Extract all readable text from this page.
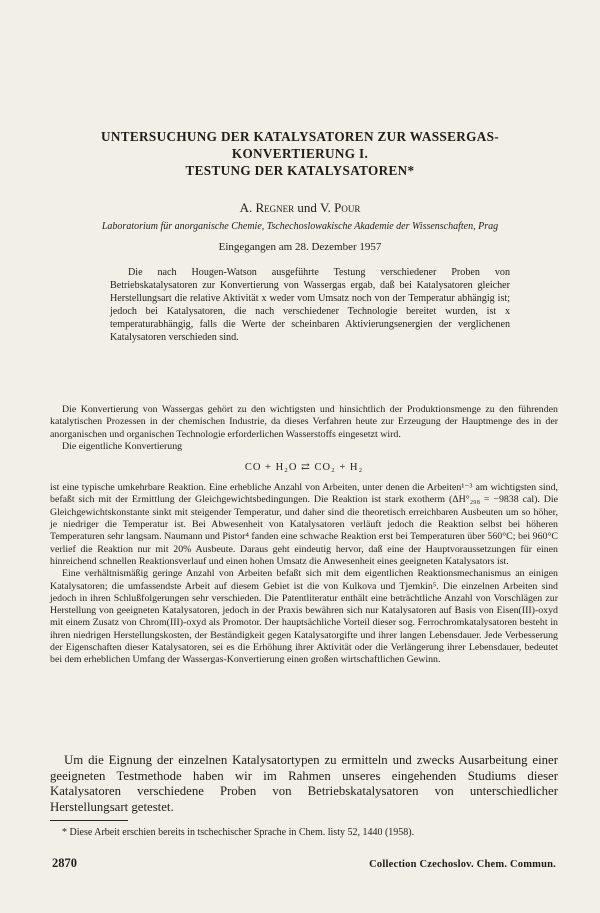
UNTERSUCHUNG DER KATALYSATOREN ZUR WASSERGAS-
KONVERTIERUNG I.
TESTUNG DER KATALYSATOREN*
A. Regner und V. Pour
Laboratorium für anorganische Chemie, Tschechoslowakische Akademie der Wissenschaften, Prag
Eingegangen am 28. Dezember 1957
Die nach Hougen-Watson ausgeführte Testung verschiedener Proben von Betriebskatalysatoren zur Konvertierung von Wassergas ergab, daß bei Katalysatoren gleicher Herstellungsart die relative Aktivität x weder vom Umsatz noch von der Temperatur abhängig ist; jedoch bei Katalysatoren, die nach verschiedener Technologie bereitet wurden, ist x temperaturabhängig, falls die Werte der scheinbaren Aktivierungsenergien der verglichenen Katalysatoren verschieden sind.

Die Konvertierung von Wassergas gehört zu den wichtigsten und hinsichtlich der Produktionsmenge zu den führenden katalytischen Prozessen in der chemischen Industrie, da dieses Verfahren heute zur Erzeugung der Hauptmenge des in der anorganischen und organischen Technologie erforderlichen Wasserstoffs eingesetzt wird.

Die eigentliche Konvertierung

CO + H₂O ⇄ CO₂ + H₂

ist eine typische umkehrbare Reaktion. Eine erhebliche Anzahl von Arbeiten, unter denen die Arbeiten¹⁻³ am wichtigsten sind, befaßt sich mit der Ermittlung der Gleichgewichtsbedingungen. Die Reaktion ist stark exotherm (ΔH°₂₉₈ = −9838 cal). Die Gleichgewichtskonstante sinkt mit steigender Temperatur, und daher sind die theoretisch erreichbaren Ausbeuten um so höher, je niedriger die Temperatur ist. Bei Abwesenheit von Katalysatoren verläuft jedoch die Reaktion selbst bei höheren Temperaturen sehr langsam. Naumann und Pistor⁴ fanden eine schwache Reaktion erst bei Temperaturen über 560°C; bei 960°C verlief die Reaktion nur mit 20% Ausbeute. Daraus geht eindeutig hervor, daß eine der Hauptvoraussetzungen für einen hinreichend schnellen Reaktionsverlauf und einen hohen Umsatz die Anwesenheit eines geeigneten Katalysators ist.

Eine verhältnismäßig geringe Anzahl von Arbeiten befaßt sich mit dem eigentlichen Reaktionsmechanismus an einigen Katalysatoren; die umfassendste Arbeit auf diesem Gebiet ist die von Kulkova und Tjemkin⁵. Die einzelnen Arbeiten sind jedoch in ihren Schlußfolgerungen sehr verschieden. Die Patentliteratur enthält eine beträchtliche Anzahl von Vorschlägen zur Herstellung von geeigneten Katalysatoren, jedoch in der Praxis bewähren sich nur Katalysatoren auf Basis von Eisen(III)-oxyd mit einem Zusatz von Chrom(III)-oxyd als Promotor. Der hauptsächliche Vorteil dieser sog. Ferrochromkatalysatoren besteht in ihren niedrigen Herstellungskosten, der Beständigkeit gegen Katalysatorgifte und ihrer langen Lebensdauer. Jede Verbesserung der Eigenschaften dieser Katalysatoren, sei es die Erhöhung ihrer Aktivität oder die Verlängerung ihrer Lebensdauer, bedeutet bei dem erheblichen Umfang der Wassergas-Konvertierung einen großen wirtschaftlichen Gewinn.

Um die Eignung der einzelnen Katalysatortypen zu ermitteln und zwecks Ausarbeitung einer geeigneten Testmethode haben wir im Rahmen unseres eingehenden Studiums dieser Katalysatoren verschiedene Proben von Betriebskatalysatoren von unterschiedlicher Herstellungsart getestet.
* Diese Arbeit erschien bereits in tschechischer Sprache in Chem. listy 52, 1440 (1958).
2870	Collection Czechoslov. Chem. Commun.
